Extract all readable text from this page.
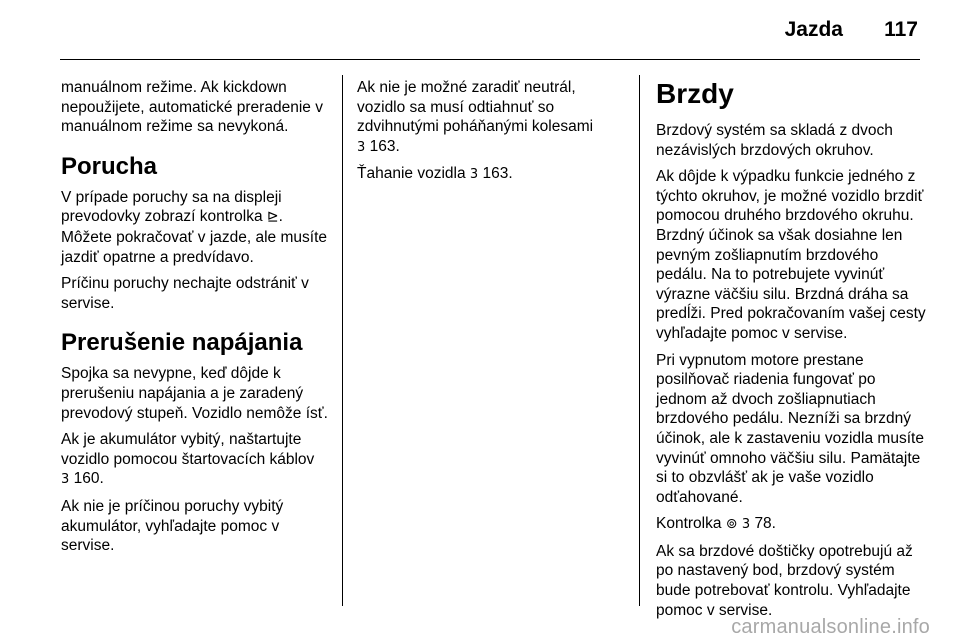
Jazda 117

manuálnom režime. Ak kickdown nepoužijete, automatické preradenie v manuálnom režime sa nevykoná.

Porucha

V prípade poruchy sa na displeji prevodovky zobrazí kontrolka ⊵. Môžete pokračovať v jazde, ale musíte jazdiť opatrne a predvídavo.

Príčinu poruchy nechajte odstrániť v servise.

Prerušenie napájania

Spojka sa nevypne, keď dôjde k prerušeniu napájania a je zaradený prevodový stupeň. Vozidlo nemôže ísť.

Ak je akumulátor vybitý, naštartujte vozidlo pomocou štartovacích káblov
3 160.

Ak nie je príčinou poruchy vybitý akumulátor, vyhľadajte pomoc v servise.

Ak nie je možné zaradiť neutrál, vozidlo sa musí odtiahnuť so zdvihnutými poháňanými kolesami
3 163.

Ťahanie vozidla 3 163.

Brzdy

Brzdový systém sa skladá z dvoch nezávislých brzdových okruhov.

Ak dôjde k výpadku funkcie jedného z týchto okruhov, je možné vozidlo brzdiť pomocou druhého brzdového okruhu. Brzdný účinok sa však dosiahne len pevným zošliapnutím brzdového pedálu. Na to potrebujete vyvinúť výrazne väčšiu silu. Brzdná dráha sa predĺži. Pred pokračovaním vašej cesty vyhľadajte pomoc v servise.

Pri vypnutom motore prestane posilňovač riadenia fungovať po jednom až dvoch zošliapnutiach brzdového pedálu. Nezníži sa brzdný účinok, ale k zastaveniu vozidla musíte vyvinúť omnoho väčšiu silu. Pamätajte si to obzvlášť ak je vaše vozidlo odťahované.

Kontrolka ⊚ 3 78.

Ak sa brzdové doštičky opotrebujú až po nastavený bod, brzdový systém bude potrebovať kontrolu. Vyhľadajte pomoc v servise.

carmanualsonline.info
